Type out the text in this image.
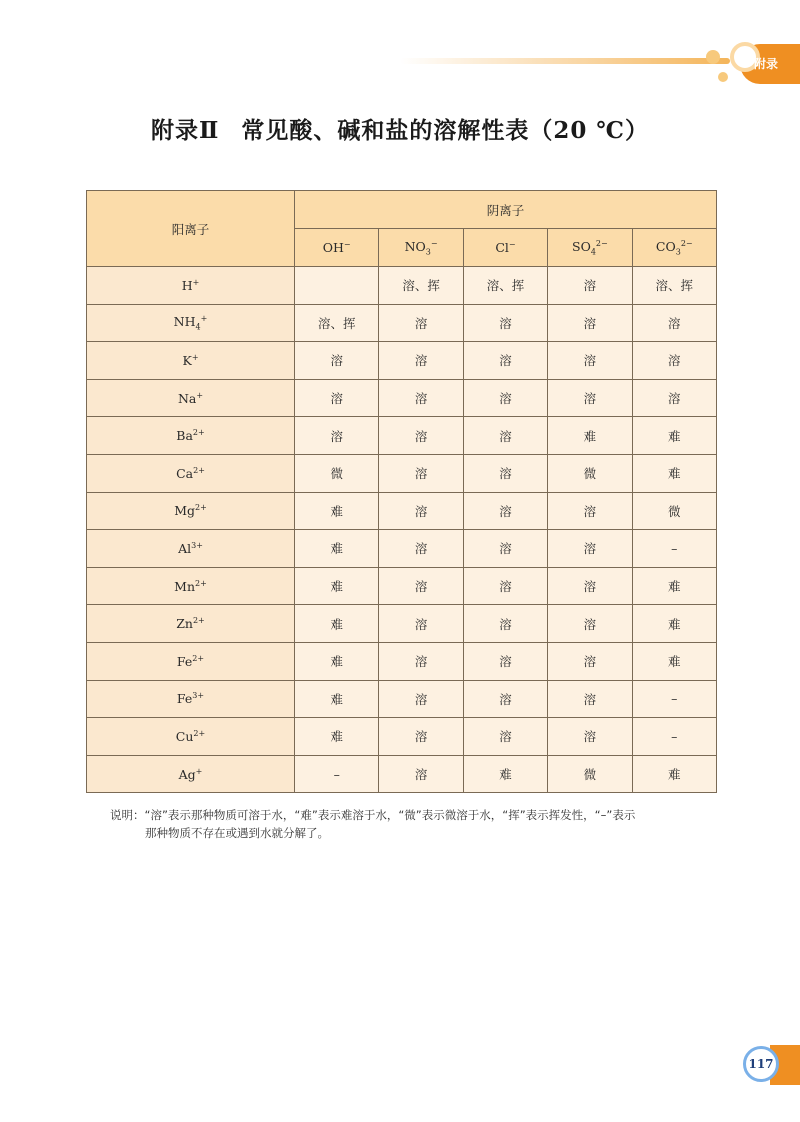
附录
附录Ⅱ 常见酸、碱和盐的溶解性表（20 ℃）
阳离子	阴离子				
	OH−	$NO_3^-$	Cl−	$SO_4^{2-}$	$CO_3^{2-}$
H+		溶、挥	溶、挥	溶	溶、挥
$NH_4^+$	溶、挥	溶	溶	溶	溶
K+	溶	溶	溶	溶	溶
Na+	溶	溶	溶	溶	溶
$Ba^{2+}$	溶	溶	溶	难	难
$Ca^{2+}$	微	溶	溶	微	难
$Mg^{2+}$	难	溶	溶	溶	微
$Al^{3+}$	难	溶	溶	溶	–
$Mn^{2+}$	难	溶	溶	溶	难
$Zn^{2+}$	难	溶	溶	溶	难
$Fe^{2+}$	难	溶	溶	溶	难
$Fe^{3+}$	难	溶	溶	溶	–
$Cu^{2+}$	难	溶	溶	溶	–
Ag+	–	溶	难	微	难
说明：“溶”表示那种物质可溶于水，“难”表示难溶于水，“微”表示微溶于水，“挥”表示挥发性，“–”表示
那种物质不存在或遇到水就分解了。
117
